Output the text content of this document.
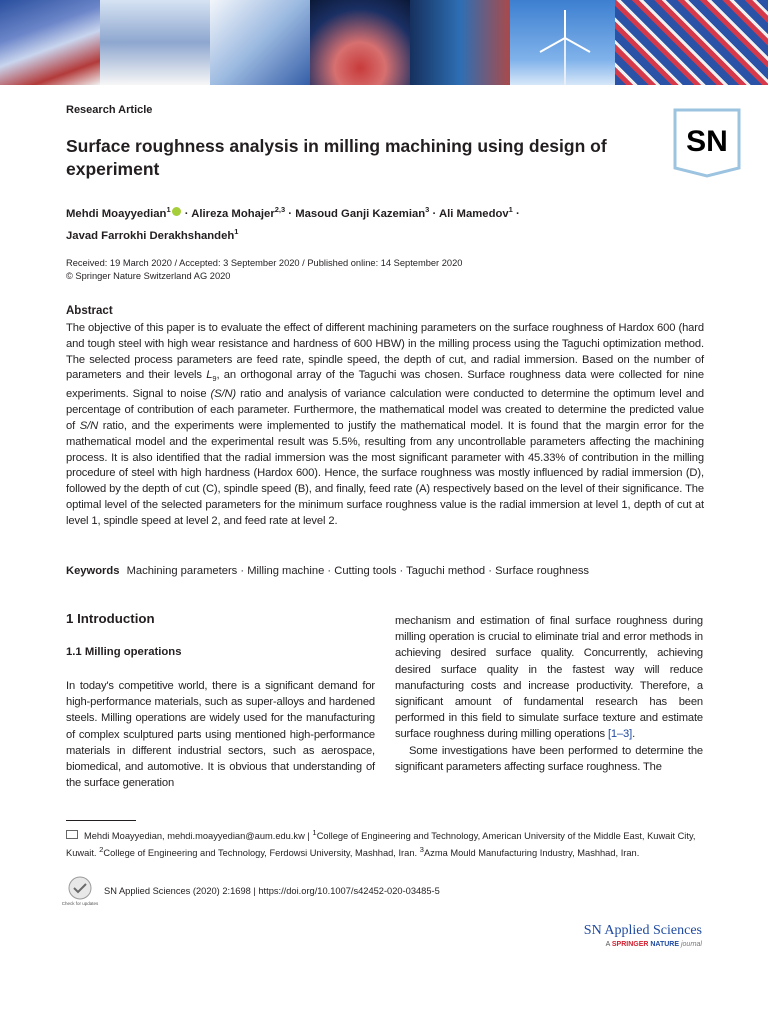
SN
Research Article
Surface roughness analysis in milling machining using design of experiment
Mehdi Moayyedian$^1$ · Alireza Mohajer$^{2,3}$ · Masoud Ganji Kazemian$^3$ · Ali Mamedov$^1$ ·
Javad Farrokhi Derakhshandeh$^1$
Received: 19 March 2020 / Accepted: 3 September 2020 / Published online: 14 September 2020
© Springer Nature Switzerland AG 2020
Abstract
The objective of this paper is to evaluate the effect of different machining parameters on the surface roughness of Hardox 600 (hard and tough steel with high wear resistance and hardness of 600 HBW) in the milling process using the Taguchi optimization method. The selected process parameters are feed rate, spindle speed, the depth of cut, and radial immersion. Based on the number of parameters and their levels $L_9$, an orthogonal array of the Taguchi was chosen. Surface roughness data were collected for nine experiments. Signal to noise (S/N) ratio and analysis of variance calculation were conducted to determine the optimum level and percentage of contribution of each parameter. Furthermore, the mathematical model was created to determine the predicted value of S/N ratio, and the experiments were implemented to justify the mathematical model. It is found that the margin error for the mathematical model and the experimental result was 5.5%, resulting from any uncontrollable parameters affecting the machining process. It is also identified that the radial immersion was the most significant parameter with 45.33% of contribution in the milling procedure of steel with high hardness (Hardox 600). Hence, the surface roughness was mostly influenced by radial immersion (D), followed by the depth of cut (C), spindle speed (B), and finally, feed rate (A) respectively based on the level of their significance. The optimal level of the selected parameters for the minimum surface roughness value is the radial immersion at level 1, depth of cut at level 1, spindle speed at level 2, and feed rate at level 2.
Keywords Machining parameters · Milling machine · Cutting tools · Taguchi method · Surface roughness
1 Introduction
1.1 Milling operations
In today's competitive world, there is a significant demand for high-performance materials, such as super-alloys and hardened steels. Milling operations are widely used for the manufacturing of complex sculptured parts using mentioned high-performance materials in different industrial sectors, such as aerospace, biomedical, and automotive. It is obvious that understanding of the surface generation

mechanism and estimation of final surface roughness during milling operation is crucial to eliminate trial and error methods in achieving desired surface quality. Concurrently, achieving desired surface quality in the fastest way will reduce manufacturing costs and increase productivity. Therefore, a significant amount of fundamental research has been performed in this field to simulate surface texture and estimate surface roughness during milling operations [1–3].

Some investigations have been performed to determine the significant parameters affecting surface roughness. The

Mehdi Moayyedian, mehdi.moayyedian@aum.edu.kw | $^1$College of Engineering and Technology, American University of the Middle East, Kuwait City, Kuwait. $^2$College of Engineering and Technology, Ferdowsi University, Mashhad, Iran. $^3$Azma Mould Manufacturing Industry, Mashhad, Iran.
Check for updates
SN Applied Sciences (2020) 2:1698 | https://doi.org/10.1007/s42452-020-03485-5
SN Applied Sciences
A SPRINGER NATURE journal
